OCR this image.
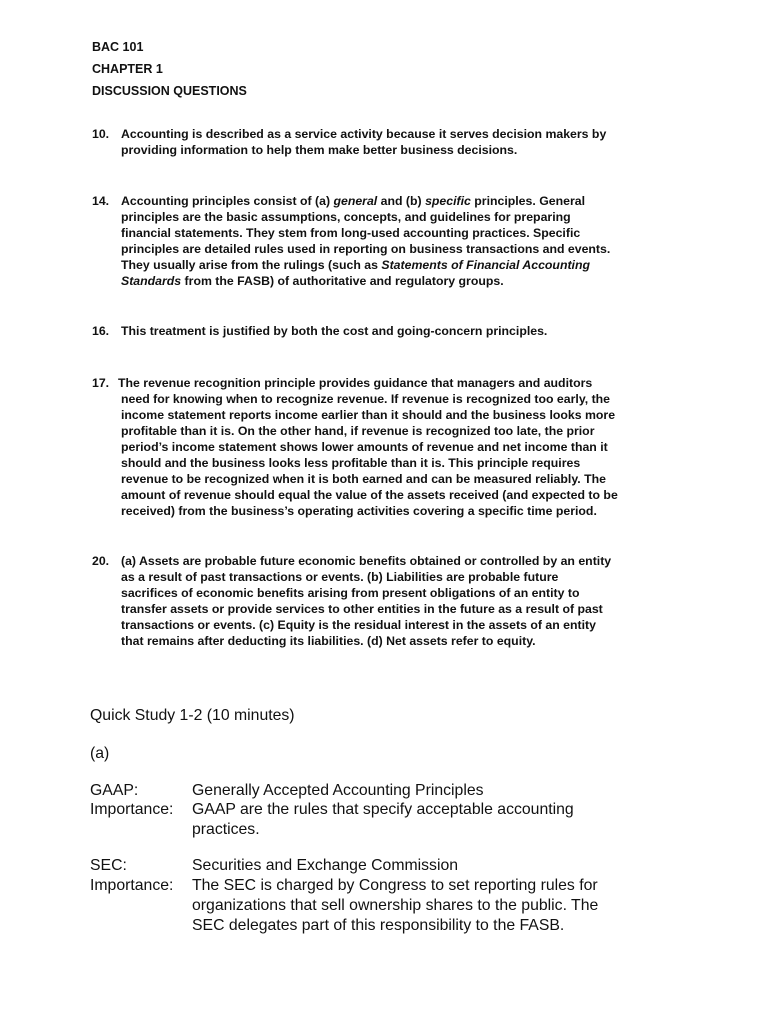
BAC 101
CHAPTER 1
DISCUSSION QUESTIONS
10. Accounting is described as a service activity because it serves decision makers by
providing information to help them make better business decisions.
14. Accounting principles consist of (a) general and (b) specific principles. General
principles are the basic assumptions, concepts, and guidelines for preparing
financial statements. They stem from long-used accounting practices. Specific
principles are detailed rules used in reporting on business transactions and events.
They usually arise from the rulings (such as Statements of Financial Accounting
Standards from the FASB) of authoritative and regulatory groups.
16. This treatment is justified by both the cost and going-concern principles.
17. The revenue recognition principle provides guidance that managers and auditors
need for knowing when to recognize revenue. If revenue is recognized too early, the
income statement reports income earlier than it should and the business looks more
profitable than it is. On the other hand, if revenue is recognized too late, the prior
period’s income statement shows lower amounts of revenue and net income than it
should and the business looks less profitable than it is. This principle requires
revenue to be recognized when it is both earned and can be measured reliably. The
amount of revenue should equal the value of the assets received (and expected to be
received) from the business’s operating activities covering a specific time period.
20. (a) Assets are probable future economic benefits obtained or controlled by an entity
as a result of past transactions or events. (b) Liabilities are probable future
sacrifices of economic benefits arising from present obligations of an entity to
transfer assets or provide services to other entities in the future as a result of past
transactions or events. (c) Equity is the residual interest in the assets of an entity
that remains after deducting its liabilities. (d) Net assets refer to equity.
Quick Study 1-2 (10 minutes)
(a)
GAAP:	Generally Accepted Accounting Principles
Importance: GAAP are the rules that specify acceptable accounting
practices.
SEC:	Securities and Exchange Commission
Importance: The SEC is charged by Congress to set reporting rules for
organizations that sell ownership shares to the public. The
SEC delegates part of this responsibility to the FASB.
